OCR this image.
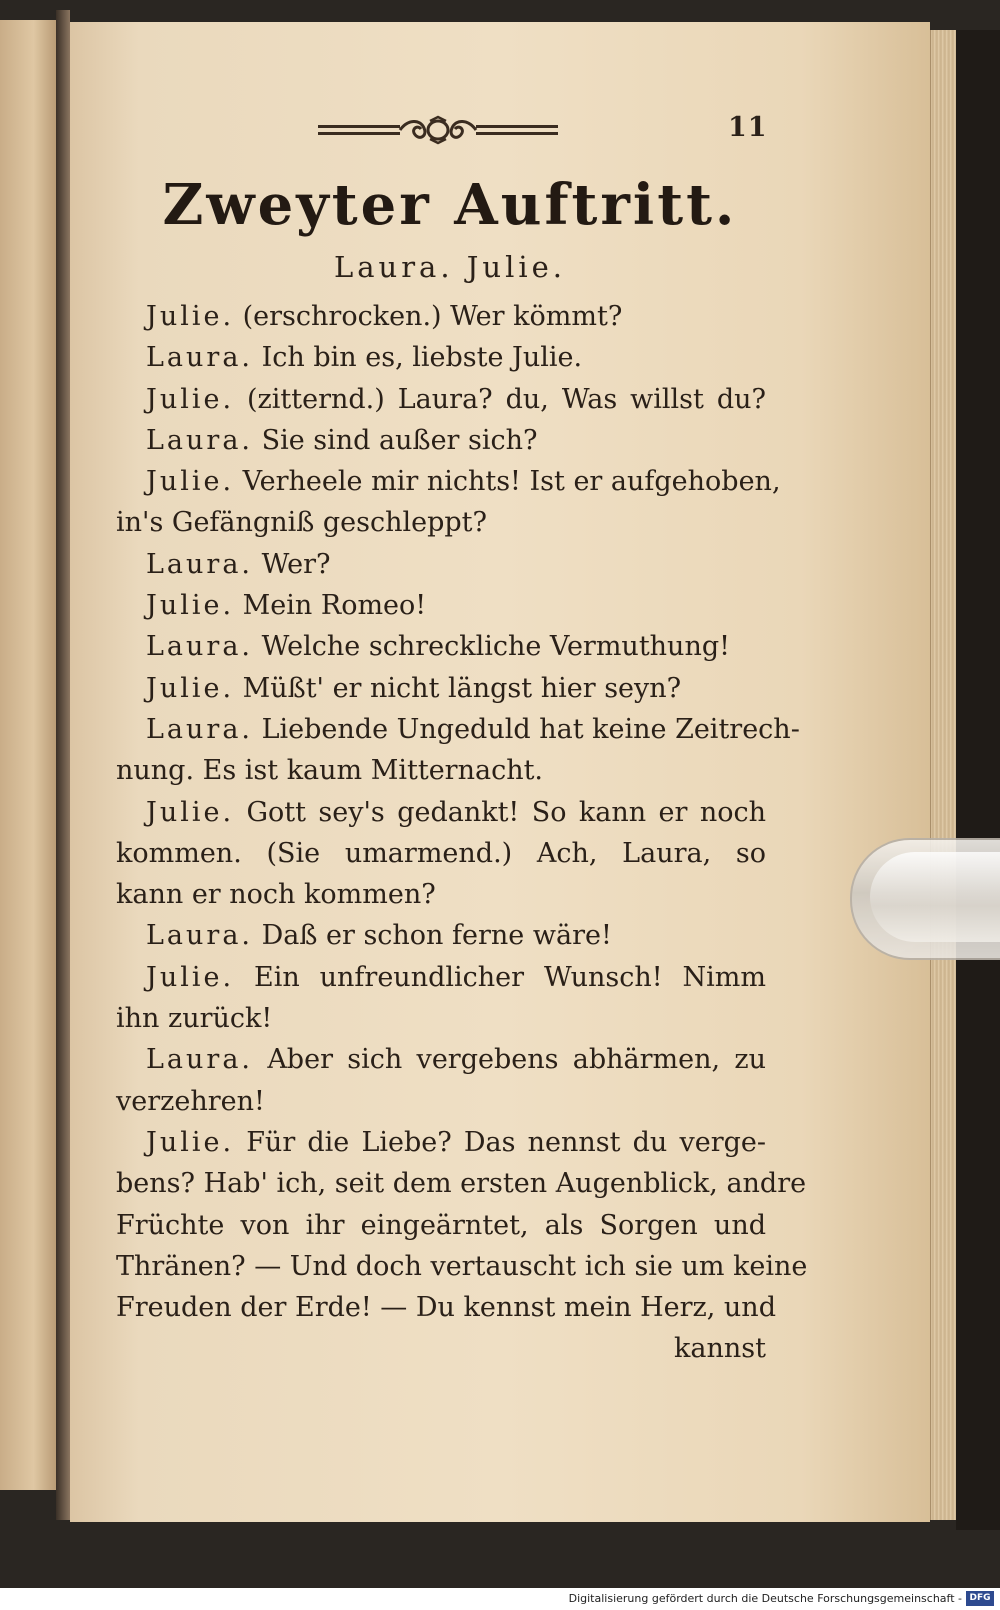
11
Zweyter Auftritt.
Laura. Julie.
Julie. (erschrocken.) Wer kömmt?
Laura. Ich bin es, liebste Julie.
Julie. (zitternd.) Laura? du, Was willst du?
Laura. Sie sind außer sich?
Julie. Verheele mir nichts! Ist er aufgehoben,
in's Gefängniß geschleppt?
Laura. Wer?
Julie. Mein Romeo!
Laura. Welche schreckliche Vermuthung!
Julie. Müßt' er nicht längst hier seyn?
Laura. Liebende Ungeduld hat keine Zeitrech-
nung. Es ist kaum Mitternacht.
Julie. Gott sey's gedankt! So kann er noch
kommen. (Sie umarmend.) Ach, Laura, so
kann er noch kommen?
Laura. Daß er schon ferne wäre!
Julie. Ein unfreundlicher Wunsch! Nimm
ihn zurück!
Laura. Aber sich vergebens abhärmen, zu
verzehren!
Julie. Für die Liebe? Das nennst du verge-
bens? Hab' ich, seit dem ersten Augenblick, andre
Früchte von ihr eingeärntet, als Sorgen und
Thränen? — Und doch vertauscht ich sie um keine
Freuden der Erde! — Du kennst mein Herz, und
kannst
Digitalisierung gefördert durch die Deutsche Forschungsgemeinschaft - DFG
